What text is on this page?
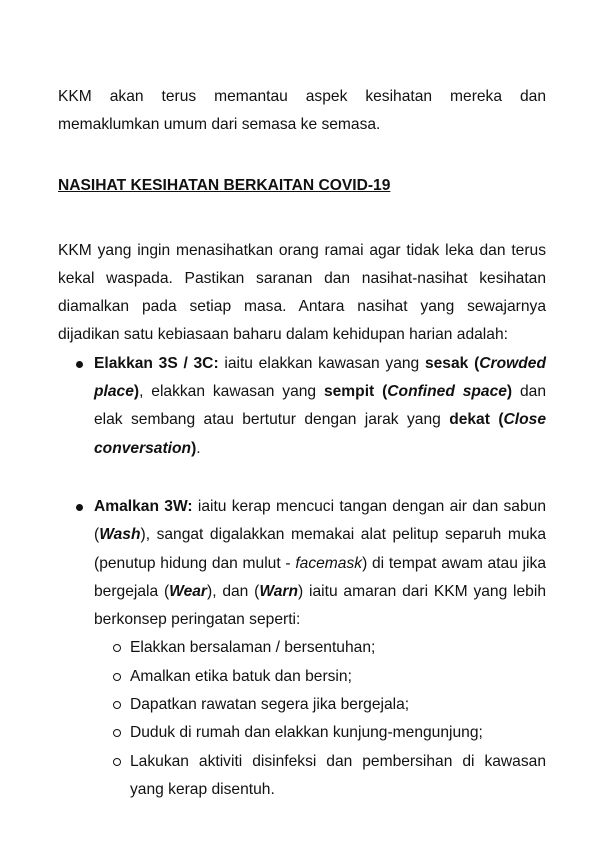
KKM akan terus memantau aspek kesihatan mereka dan memaklumkan umum dari semasa ke semasa.

NASIHAT KESIHATAN BERKAITAN COVID-19

KKM yang ingin menasihatkan orang ramai agar tidak leka dan terus kekal waspada. Pastikan saranan dan nasihat-nasihat kesihatan diamalkan pada setiap masa. Antara nasihat yang sewajarnya dijadikan satu kebiasaan baharu dalam kehidupan harian adalah:

Elakkan 3S / 3C: iaitu elakkan kawasan yang sesak (Crowded place), elakkan kawasan yang sempit (Confined space) dan elak sembang atau bertutur dengan jarak yang dekat (Close conversation).

Amalkan 3W: iaitu kerap mencuci tangan dengan air dan sabun (Wash), sangat digalakkan memakai alat pelitup separuh muka (penutup hidung dan mulut - facemask) di tempat awam atau jika bergejala (Wear), dan (Warn) iaitu amaran dari KKM yang lebih berkonsep peringatan seperti:

Elakkan bersalaman / bersentuhan;

Amalkan etika batuk dan bersin;

Dapatkan rawatan segera jika bergejala;

Duduk di rumah dan elakkan kunjung-mengunjung;

Lakukan aktiviti disinfeksi dan pembersihan di kawasan yang kerap disentuh.
